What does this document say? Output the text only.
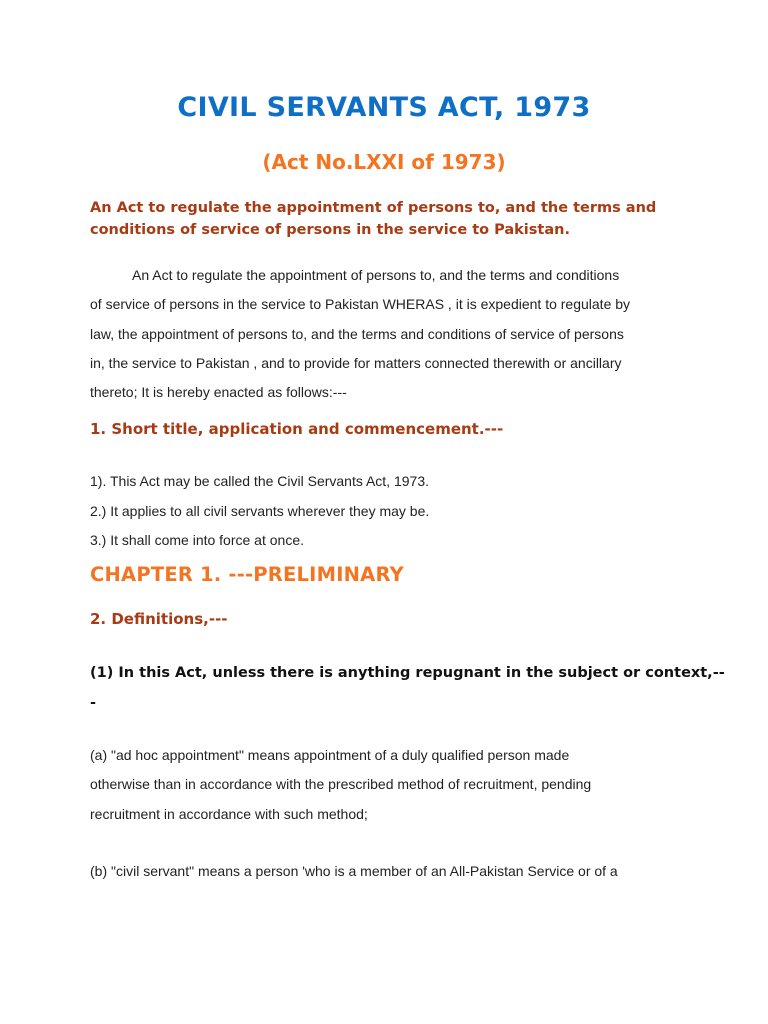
CIVIL SERVANTS ACT, 1973
(Act No.LXXI of 1973)
An Act to regulate the appointment of persons to, and the terms and
conditions of service of persons in the service to Pakistan.
An Act to regulate the appointment of persons to, and the terms and conditions
of service of persons in the service to Pakistan WHERAS , it is expedient to regulate by
law, the appointment of persons to, and the terms and conditions of service of persons
in, the service to Pakistan , and to provide for matters connected therewith or ancillary
thereto; It is hereby enacted as follows:---
1. Short title, application and commencement.---
1). This Act may be called the Civil Servants Act, 1973.
2.) It applies to all civil servants wherever they may be.
3.) It shall come into force at once.
CHAPTER 1. ---PRELIMINARY
2. Definitions,---
(1) In this Act, unless there is anything repugnant in the subject or context,--
-
(a) "ad hoc appointment" means appointment of a duly qualified person made
otherwise than in accordance with the prescribed method of recruitment, pending
recruitment in accordance with such method;
(b) "civil servant" means a person 'who is a member of an All-Pakistan Service or of a
